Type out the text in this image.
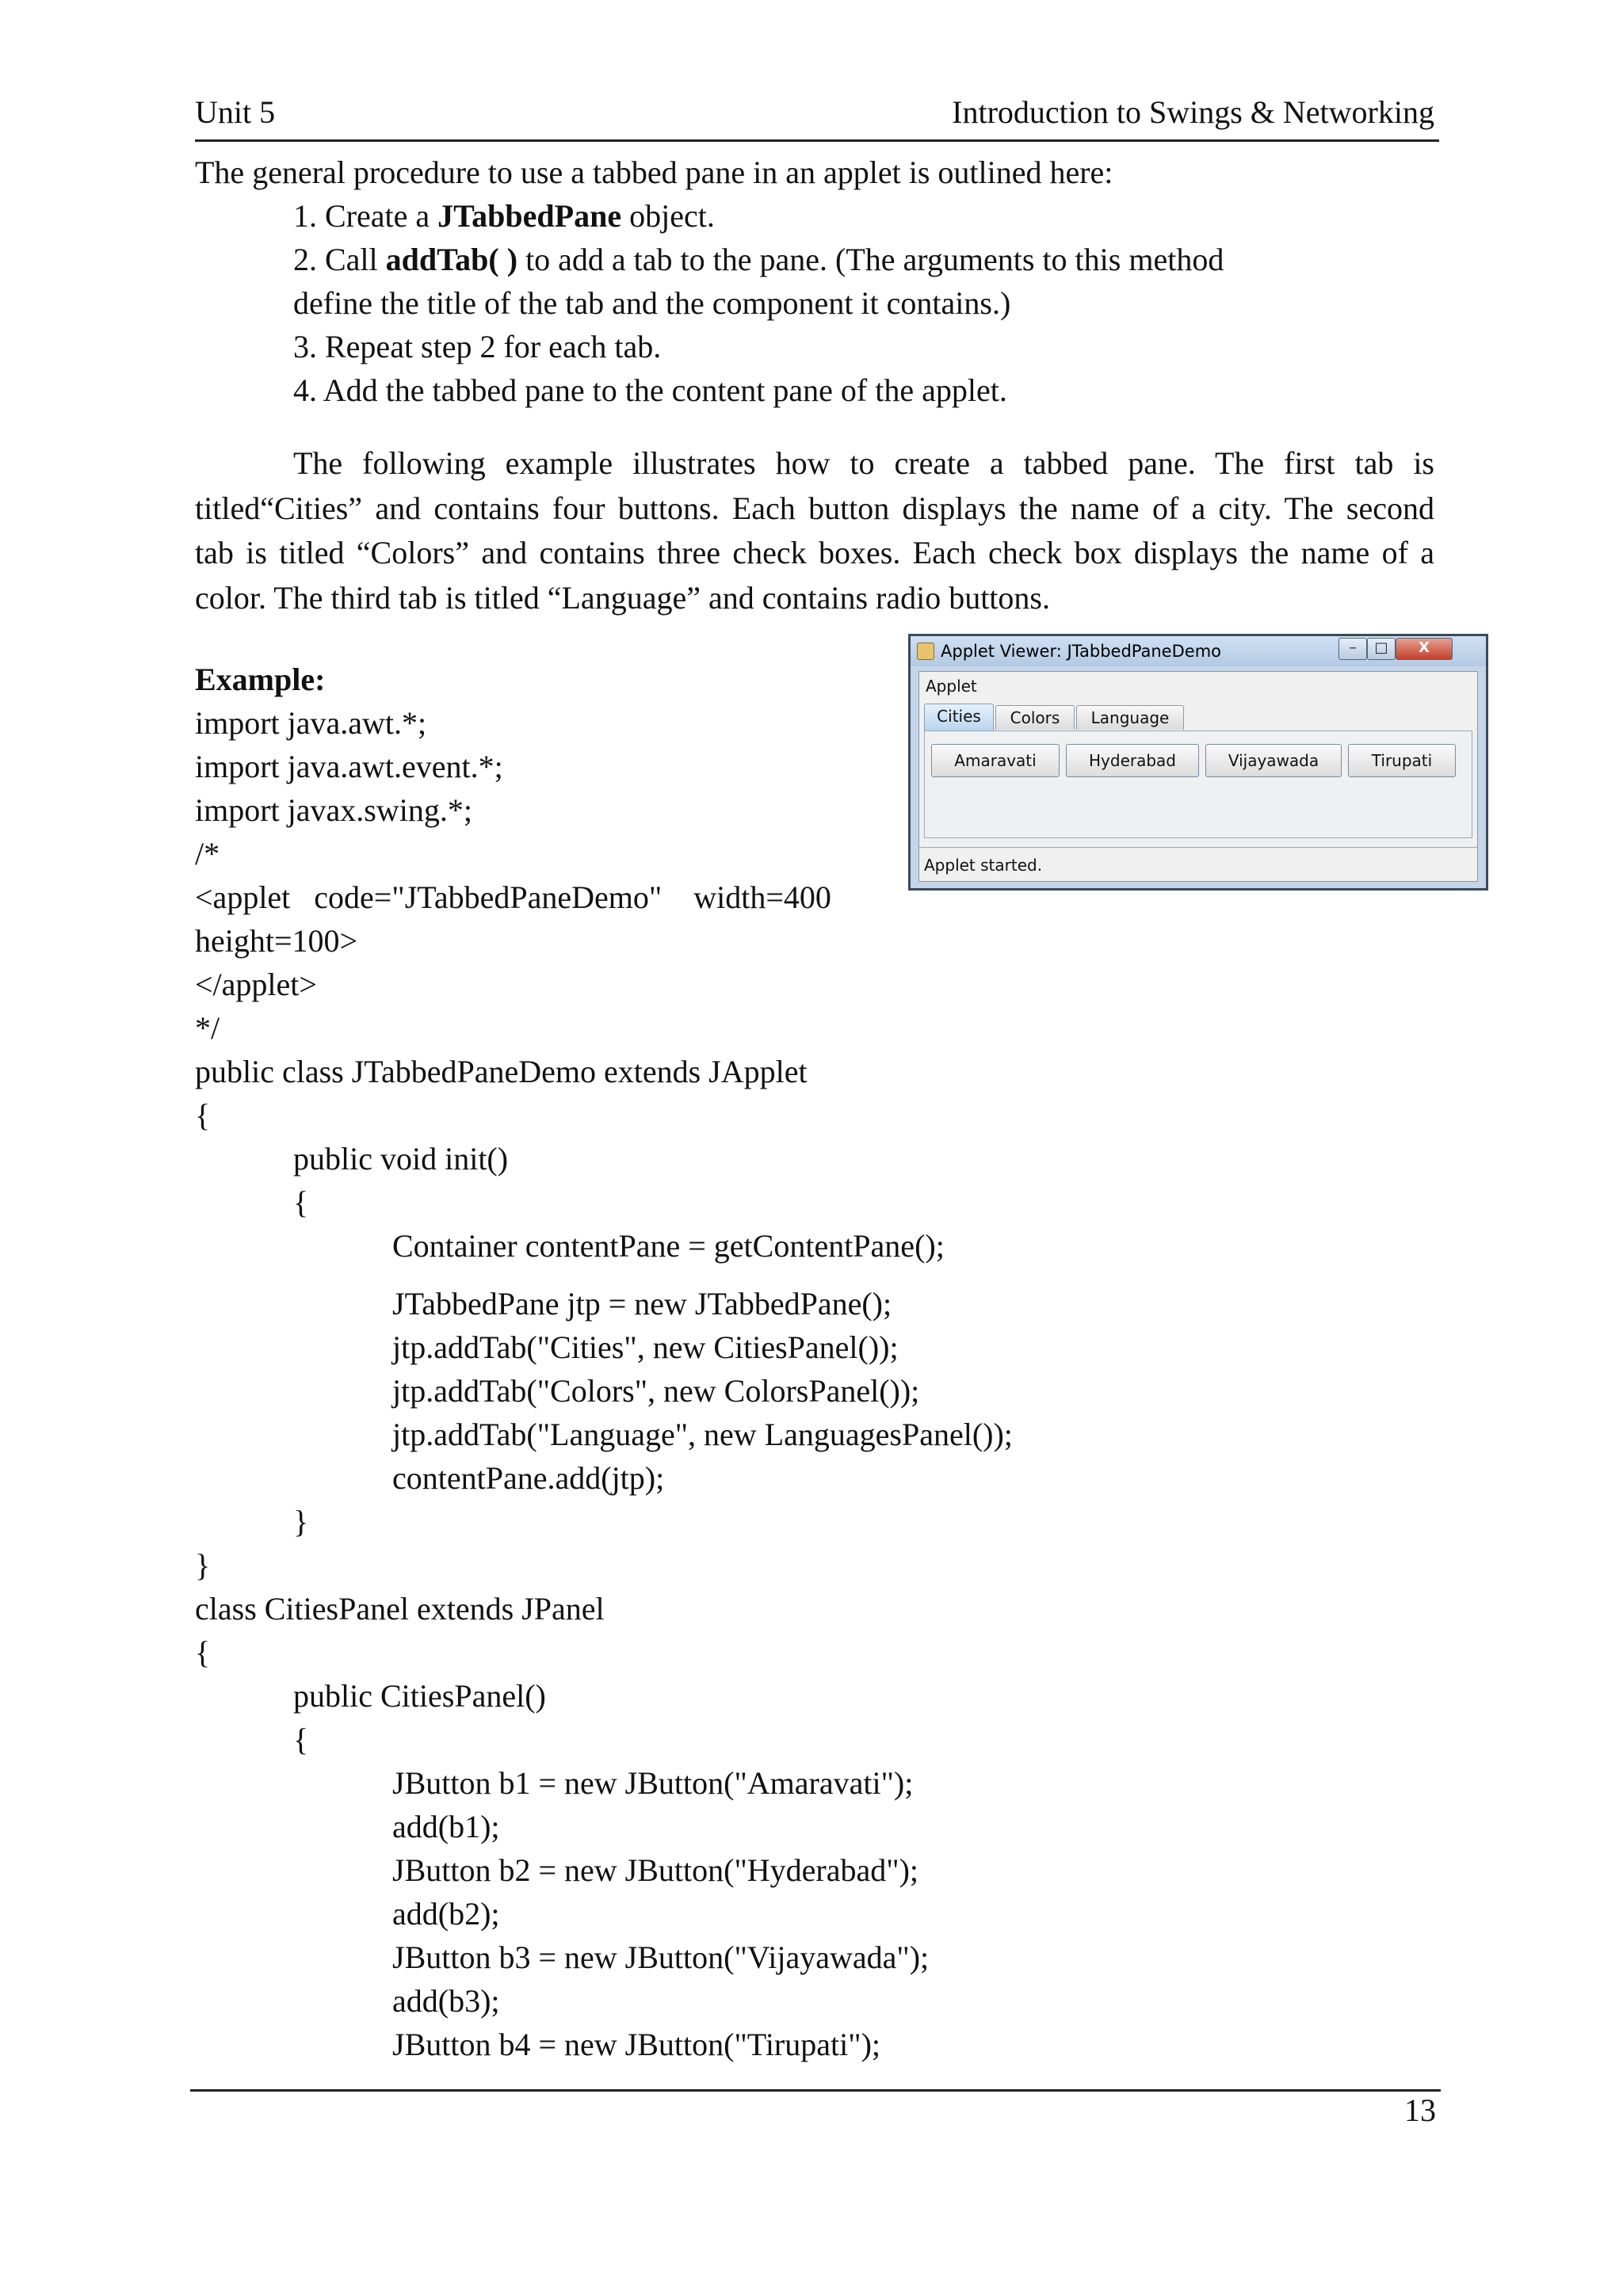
Unit 5	Introduction to Swings & Networking
The general procedure to use a tabbed pane in an applet is outlined here:
1. Create a JTabbedPane object.
2. Call addTab( ) to add a tab to the pane. (The arguments to this method
define the title of the tab and the component it contains.)
3. Repeat step 2 for each tab.
4. Add the tabbed pane to the content pane of the applet.
The following example illustrates how to create a tabbed pane. The first tab is
titled“Cities” and contains four buttons. Each button displays the name of a city. The second
tab is titled “Colors” and contains three check boxes. Each check box displays the name of a
color. The third tab is titled “Language” and contains radio buttons.
Example:
import java.awt.*;
import java.awt.event.*;
import javax.swing.*;
/*
<applet   code="JTabbedPaneDemo"    width=400
height=100>
</applet>
*/
public class JTabbedPaneDemo extends JApplet
{
public void init()
{
Container contentPane = getContentPane();
JTabbedPane jtp = new JTabbedPane();
jtp.addTab("Cities", new CitiesPanel());
jtp.addTab("Colors", new ColorsPanel());
jtp.addTab("Language", new LanguagesPanel());
contentPane.add(jtp);
}
}
class CitiesPanel extends JPanel
{
public CitiesPanel()
{
JButton b1 = new JButton("Amaravati");
add(b1);
JButton b2 = new JButton("Hyderabad");
add(b2);
JButton b3 = new JButton("Vijayawada");
add(b3);
JButton b4 = new JButton("Tirupati");
Applet Viewer: JTabbedPaneDemo	–	□	X
Applet
Cities	Colors	Language
Amaravati	Hyderabad	Vijayawada	Tirupati
Applet started.
13
